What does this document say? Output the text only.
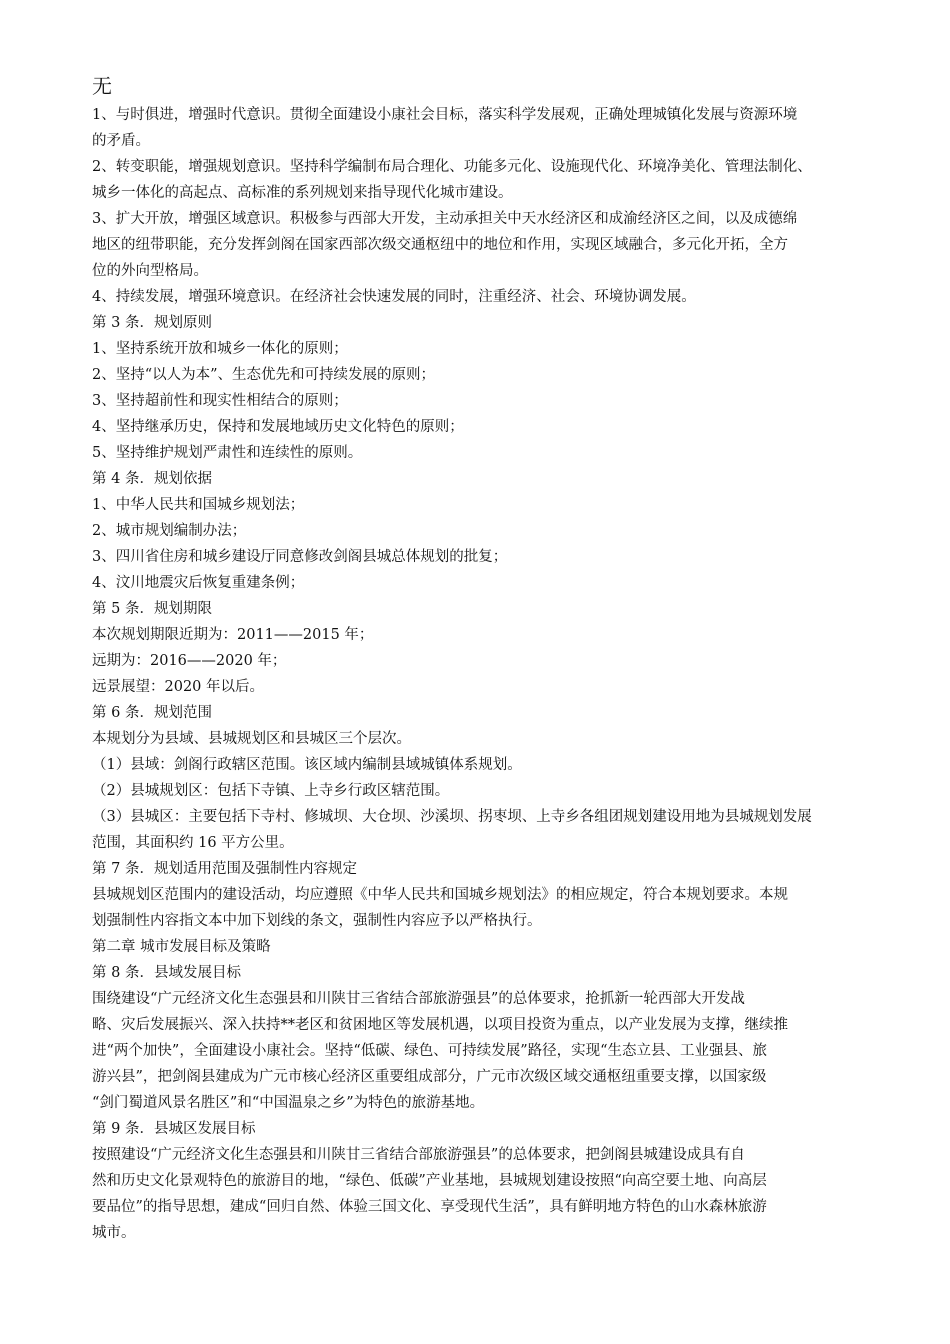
无

1、与时俱进，增强时代意识。贯彻全面建设小康社会目标，落实科学发展观，正确处理城镇化发展与资源环境

的矛盾。

2、转变职能，增强规划意识。坚持科学编制布局合理化、功能多元化、设施现代化、环境净美化、管理法制化、

城乡一体化的高起点、高标准的系列规划来指导现代化城市建设。

3、扩大开放，增强区域意识。积极参与西部大开发，主动承担关中天水经济区和成渝经济区之间，以及成德绵

地区的纽带职能，充分发挥剑阁在国家西部次级交通枢纽中的地位和作用，实现区域融合，多元化开拓，全方

位的外向型格局。

4、持续发展，增强环境意识。在经济社会快速发展的同时，注重经济、社会、环境协调发展。

第 3 条．规划原则

1、坚持系统开放和城乡一体化的原则；

2、坚持“以人为本”、生态优先和可持续发展的原则；

3、坚持超前性和现实性相结合的原则；

4、坚持继承历史，保持和发展地域历史文化特色的原则；

5、坚持维护规划严肃性和连续性的原则。

第 4 条．规划依据

1、中华人民共和国城乡规划法；

2、城市规划编制办法；

3、四川省住房和城乡建设厅同意修改剑阁县城总体规划的批复；

4、汶川地震灾后恢复重建条例；

第 5 条．规划期限

本次规划期限近期为：2011——2015 年；

远期为：2016——2020 年；

远景展望：2020 年以后。

第 6 条．规划范围

本规划分为县域、县城规划区和县城区三个层次。

（1）县域：剑阁行政辖区范围。该区域内编制县域城镇体系规划。

（2）县城规划区：包括下寺镇、上寺乡行政区辖范围。

（3）县城区：主要包括下寺村、修城坝、大仓坝、沙溪坝、拐枣坝、上寺乡各组团规划建设用地为县城规划发展

范围，其面积约 16 平方公里。

第 7 条．规划适用范围及强制性内容规定

县城规划区范围内的建设活动，均应遵照《中华人民共和国城乡规划法》的相应规定，符合本规划要求。本规

划强制性内容指文本中加下划线的条文，强制性内容应予以严格执行。

第二章 城市发展目标及策略

第 8 条．县域发展目标

围绕建设“广元经济文化生态强县和川陕甘三省结合部旅游强县”的总体要求，抢抓新一轮西部大开发战

略、灾后发展振兴、深入扶持**老区和贫困地区等发展机遇，以项目投资为重点，以产业发展为支撑，继续推

进“两个加快”，全面建设小康社会。坚持“低碳、绿色、可持续发展”路径，实现“生态立县、工业强县、旅

游兴县”，把剑阁县建成为广元市核心经济区重要组成部分，广元市次级区域交通枢纽重要支撑，以国家级

“剑门蜀道风景名胜区”和“中国温泉之乡”为特色的旅游基地。

第 9 条．县城区发展目标

按照建设“广元经济文化生态强县和川陕甘三省结合部旅游强县”的总体要求，把剑阁县城建设成具有自

然和历史文化景观特色的旅游目的地，“绿色、低碳”产业基地，县城规划建设按照“向高空要土地、向高层

要品位”的指导思想，建成“回归自然、体验三国文化、享受现代生活”，具有鲜明地方特色的山水森林旅游

城市。
